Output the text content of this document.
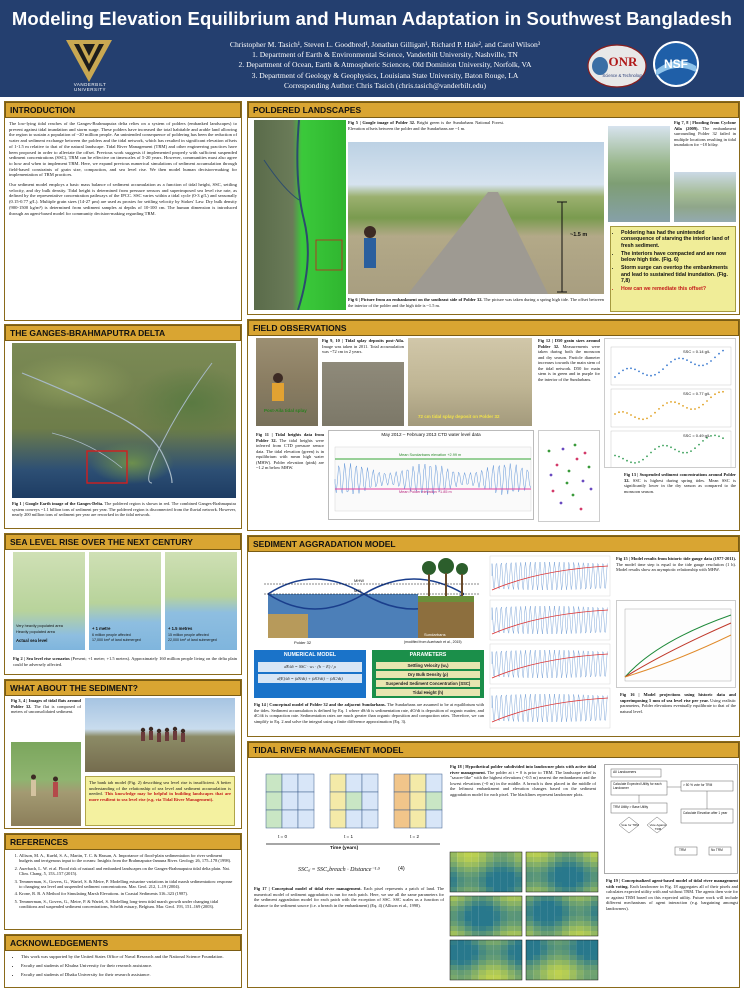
Modeling Elevation Equilibrium and Human Adaptation in Southwest Bangladesh
VANDERBILT UNIVERSITY
Christopher M. Tasich¹, Steven L. Goodbred¹, Jonathan Gilligan¹, Richard P. Hale², and Carol Wilson³
1. Department of Earth & Environmental Science, Vanderbilt University, Nashville, TN
2. Department of Ocean, Earth & Atmospheric Sciences, Old Dominion University, Norfolk, VA
3. Department of Geology & Geophysics, Louisiana State University, Baton Rouge, LA
Corresponding Author: Chris Tasich (chris.tasich@vanderbilt.edu)
ONR
Science & Technology
NSF
INTRODUCTION

The low-lying tidal reaches of the Ganges-Brahmaputra delta relies on a system of polders (embanked landscapes) to prevent against tidal inundation and storm surge. These polders have increased the total habitable and arable land allowing the region to sustain a population of ~20 million people. An unintended consequence of poldering has been the reduction of water and sediment exchange between the polders and the tidal network, which has resulted in significant elevation offsets of 1-1.5 m relative to that of the natural landscape. Tidal River Management (TRM) and other engineering practices have been proposed in order to alleviate the offset. Previous work suggests if implemented properly with sufficient suspended sediment concentrations (SSC), TRM can be effective on timescales of 5-20 years. However, communities must also agree to how and when to implement TRM. Here, we expand previous numerical simulations of sediment accumulation through field-based constraints of grain size, compaction, and sea level rise. We then model human decision-making for implementation of TRM practices.

Our sediment model employs a basic mass balance of sediment accumulation as a function of tidal height, SSC, settling velocity, and dry bulk density. Tidal height is determined from pressure sensors and superimposed sea level rise rate, as defined by the representative concentration pathways of the IPCC. SSC varies within a tidal cycle (0-3 g/L) and seasonally (0.15-0.77 g/L). Multiple grain sizes (14-27 µm) are used as proxies for settling velocity by Stokes' Law. Dry bulk density (900-1500 kg/m³) is determined from sediment samples at depths of 10-100 cm. The human dimension is introduced through an agent-based model for community decision-making regarding TRM.

THE GANGES-BRAHMAPUTRA DELTA
Fig 1 | Google Earth image of the Ganges-Delta. The poldered region is shown in red. The combined Ganges-Brahmaputra system conveys ~1.1 billion tons of sediment per year. The poldered region is disconnected from the fluvial network. However, nearly 200 million tons of sediment per year are reworked in the tidal network.
SEA LEVEL RISE OVER THE NEXT CENTURY
Very heavily populated area
Heavily populated area
Actual sea level
+ 1 metre
6 million people affected
17,000 km² of land submerged
+ 1.5 metres
15 million people affected
22,000 km² of land submerged
Fig 2 | Sea level rise scenarios (Present; +1 meter; +1.5 meters). Approximately 160 million people living on the delta plain could be adversely affected.
WHAT ABOUT THE SEDIMENT?
Fig 3, 4 | Images of tidal flats around Polder 32. The flat is composed of meters of unconsolidated sediment.
The bank tab model (Fig. 2) describing sea level rise is insufficient. A better understanding of the relationship of sea level and sediment accumulation is needed. This knowledge may be helpful in building landscapes that are more resilient to sea level rise (e.g. via Tidal River Management).
REFERENCES
1. Allison, M. A., Kuehl, S. A., Martin, T. C. & Hassan, A. Importance of flood-plain sedimentation for river sediment budgets and terrigenous input to the oceans: Insights from the Brahmaputra-Jamuna River. Geology 26, 175–178 (1998).
2. Auerbach, L. W. et al. Flood risk of natural and embanked landscapes on the Ganges-Brahmaputra tidal delta plain. Nat. Clim. Chang. 5, 153–157 (2015).
3. Temmerman, S., Govers, G., Wartel, S. & Meire, P. Modelling estuarine variations in tidal marsh sedimentation: response to changing sea level and suspended sediment concentrations. Mar. Geol. 212, 1–19 (2004).
4. Krone, R. B. A Method for Simulating Marsh Elevations. in Coastal Sediments 316–323 (1987).
5. Temmerman, S., Govers, G., Meire, P. & Wartel, S. Modelling long-term tidal marsh growth under changing tidal conditions and suspended sediment concentrations, Scheldt estuary, Belgium. Mar. Geol. 193, 151–169 (2003).
ACKNOWLEDGEMENTS
• This work was supported by the United States Office of Naval Research and the National Science Foundation.
• Faculty and students of Khulna University for their research assistance.
• Faculty and students of Dhaka University for their research assistance.
POLDERED LANDSCAPES
Fig 5 | Google image of Polder 32. Bright green is the Sundarbans National Forest. Elevation offsets between the polder and the Sundarbans are ~1 m.
~1.5 m
Fig 6 | Picture from an embankment on the southeast side of Polder 32. The picture was taken during a spring high tide. The offset between the interior of the polder and the high tide is ~1.5 m.
Fig 7, 8 | Flooding from Cyclone Aila (2009). The embankment surrounding Polder 32 failed in multiple locations resulting in tidal inundation for ~18 h/day.
• Poldering has had the unintended consequence of starving the interior land of fresh sediment.
• The interiors have compacted and are now below high tide. (Fig. 6)
• Storm surge can overtop the embankments and lead to sustained tidal inundation. (Fig. 7,8)
• How can we remediate this offset?
FIELD OBSERVATIONS
Post-Aila tidal splay
Fig 9, 10 | Tidal splay deposits post-Aila. Image was taken in 2011. Total accumulation was ~72 cm in 2 years.
72 cm tidal splay deposit on Polder 32
Fig 11 | Tidal heights data from Polder 32. The tidal heights were inferred from CTD pressure sensor data. The tidal elevation (green) is in equilibrium with mean high water (MHW). Polder elevation (pink) are ~1.2 m below MHW.
May 2012 – February 2013 CTD water level data
Mean Sundarbans elevation +2.99 m
Mean Polder elevation +1.85 m
Fig 12 | D50 grain sizes around Polder 32. Measurements were taken during both the monsoon and dry season. Particle diameter increases towards the main stem of the tidal network. D50 for main stem is in green and in purple for the interior of the Sundarbans.
SSC = 0.14 g/L
SSC = 0.77 g/L
SSC = 0.49 g/L
Fig 13 | Suspended sediment concentrations around Polder 32. SSC is highest during spring tides. Mean SSC is significantly lower in the dry season as compared to the monsoon season.
SEDIMENT AGGRADATION MODEL
MHW
MSL
Polder 32
Sundarbans
(modified from Auerbach et al., 2015)
NUMERICAL MODEL
dE/dt = SSC · wₛ · (h − E) / ρ
d(E)/dt = (dS/dt) + (dO/dt) − (dC/dt)
PARAMETERS
Settling Velocity (wₛ)
Dry Bulk Density (ρ)
Suspended Sediment Concentration (SSC)
Tidal Height (h)
Fig 14 | Conceptual model of Polder 32 and the adjacent Sundarbans. The Sundarbans are assumed to be at equilibrium with the tides. Sediment accumulation is defined by Eq. 1 where dS/dt is sedimentation rate, dO/dt is deposition of organic matter, and dC/dt is compaction rate. Sedimentation rates are much greater than organic deposition and compaction rates. Therefore, we can simplify to Eq. 2 and solve the integral using a finite difference approximation (Eq. 3).
Fig 15 | Model results from historic tide gauge data (1977-2011). The model time step is equal to the tide gauge resolution (1 h). Model results show an asymptotic relationship with MHW.
Fig 16 | Model projections using historic data and superimposing 5 mm of sea level rise per year. Using realistic parameters, Polder elevations eventually equilibrate to that of the natural level.
TIDAL RIVER MANAGEMENT MODEL
t = 0	t = 1	t = 2
Time (years)
SSCᵢⱼ = SSC₀breach · Distance⁻¹·⁵	(4)
Fig 17 | Conceptual model of tidal river management. Each pixel represents a patch of land. The numerical model of sediment aggradation is run for each patch. Here, we use all the same parameters for the sediment aggradation model for each patch with the exception of SSC. SSC scales as a function of distance to the sediment source (i.e. a breach in the embankment) (Eq. 4) (Allison et al., 1998).
Fig 18 | Hypothetical polder subdivided into landowner plots with active tidal river management. The polder at t = 0 is prior to TRM. The landscape relief is "saucer-like" with the highest elevations (~0.5 m) nearest the embankment and the lowest elevations (~0 m) in the middle. A breach is then placed in the middle of the leftmost embankment and elevation changes based on the sediment aggradation model for each pixel. The blacklines represent landowner plots.
All Landowners
Calculate Expected Utility for each Landowner
TRM Utility > Base Utility
Vote for TRM	Vote Against TRM
> 50 % vote for TRM
Calculate Elevation after 1 year
TRM	No TRM
Fig 19 | Conceptualized agent-based model of tidal river management with voting. Each landowner in Fig. 18 aggregates all of their pixels and calculates expected utility with and without TRM. The agents then vote for or against TRM based on this expected utility. Future work will include different mechanisms of agent interaction (e.g. bargaining amongst landowners).
